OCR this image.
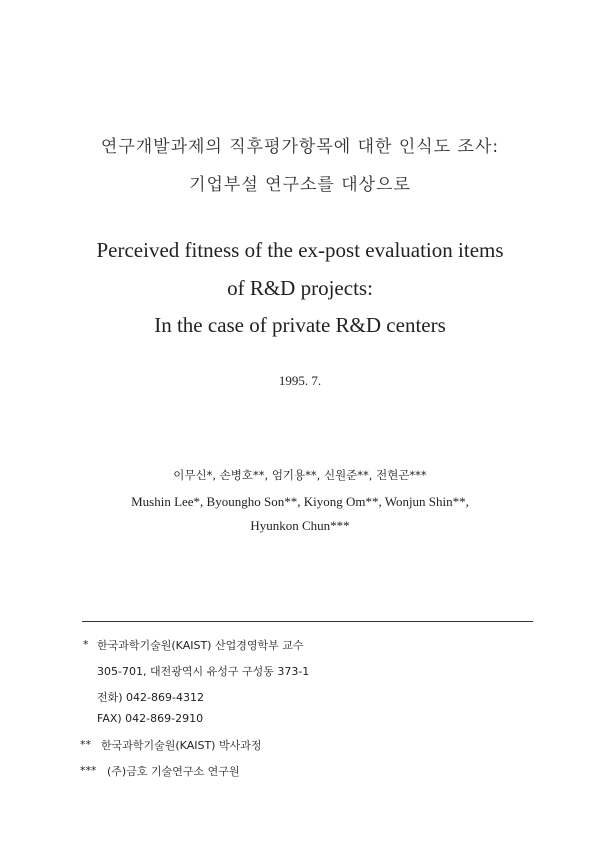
연구개발과제의 직후평가항목에 대한 인식도 조사:
기업부설 연구소를 대상으로
Perceived fitness of the ex-post evaluation items
of R&D projects:
In the case of private R&D centers
1995. 7.
이무신*, 손병호**, 엄기용**, 신원준**, 전현곤***
Mushin Lee*, Byoungho Son**, Kiyong Om**, Wonjun Shin**,
Hyunkon Chun***
* 한국과학기술원(KAIST) 산업경영학부 교수
305-701, 대전광역시 유성구 구성동 373-1
전화) 042-869-4312
FAX) 042-869-2910
** 한국과학기술원(KAIST) 박사과정
*** (주)금호 기술연구소 연구원
